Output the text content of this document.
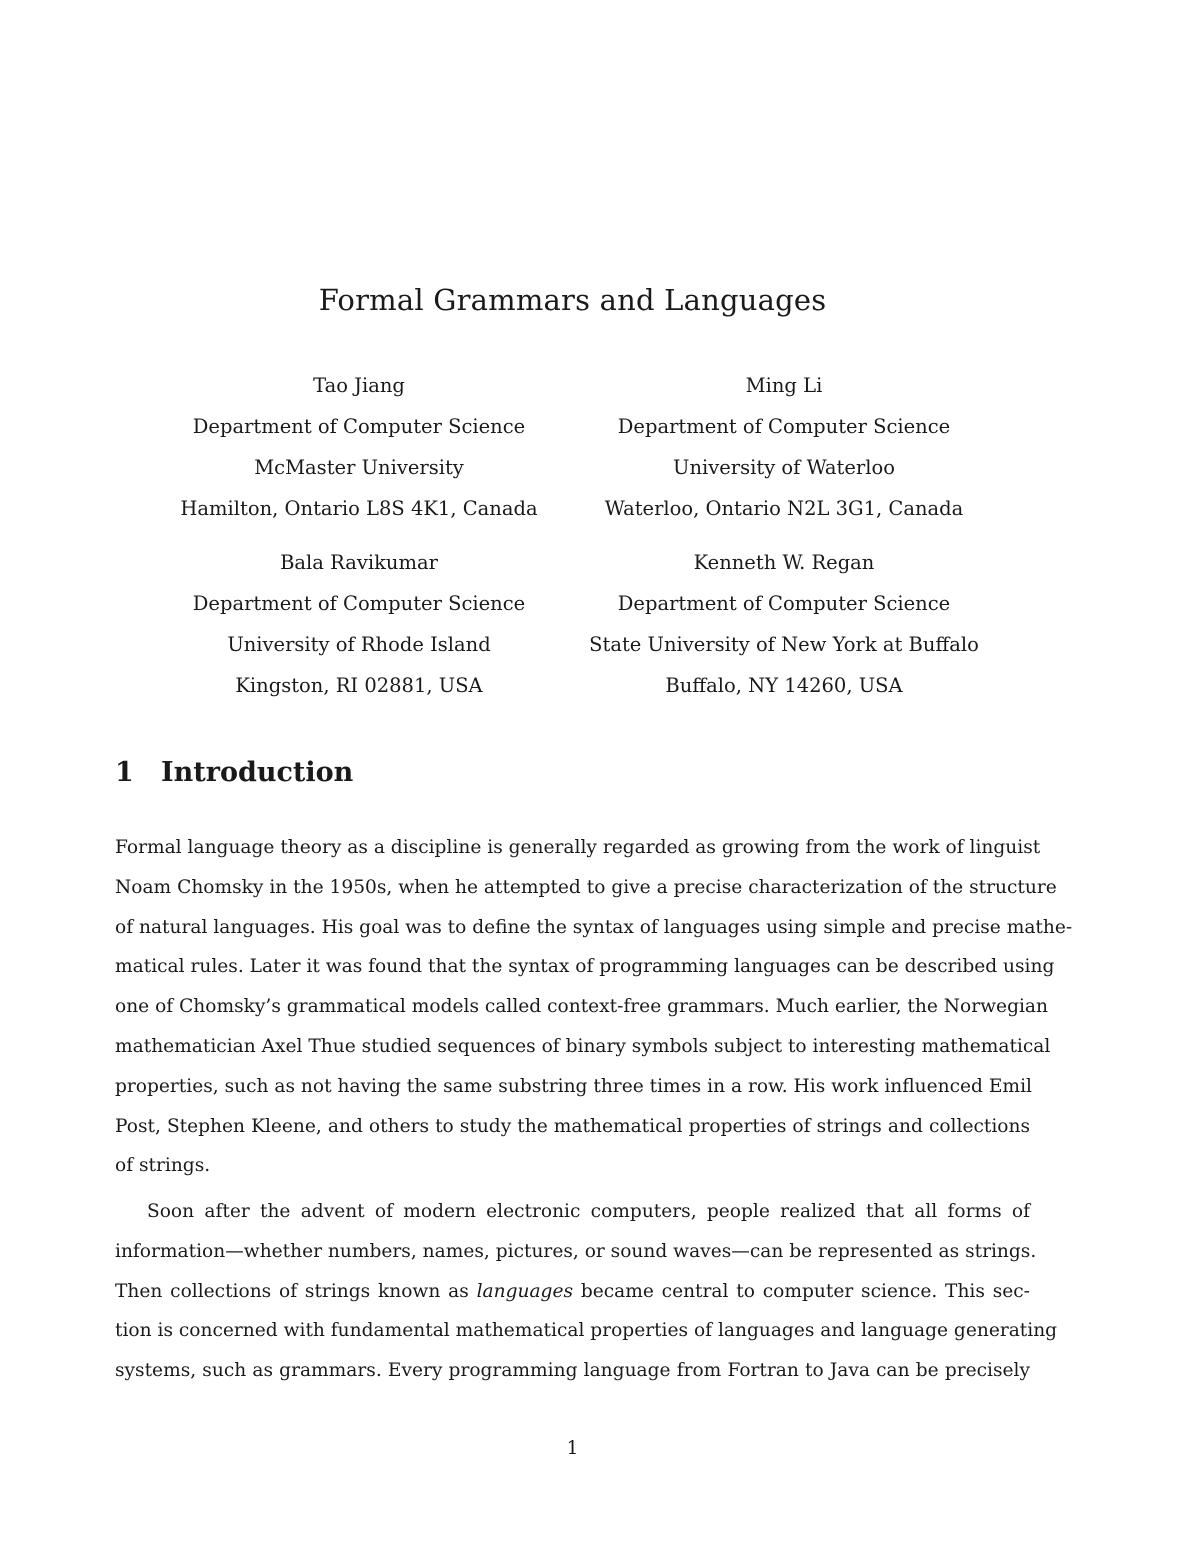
Formal Grammars and Languages
Tao Jiang
Department of Computer Science
McMaster University
Hamilton, Ontario L8S 4K1, Canada
Ming Li
Department of Computer Science
University of Waterloo
Waterloo, Ontario N2L 3G1, Canada
Bala Ravikumar
Department of Computer Science
University of Rhode Island
Kingston, RI 02881, USA
Kenneth W. Regan
Department of Computer Science
State University of New York at Buffalo
Buffalo, NY 14260, USA
1 Introduction
Formal language theory as a discipline is generally regarded as growing from the work of linguist
Noam Chomsky in the 1950s, when he attempted to give a precise characterization of the structure
of natural languages. His goal was to define the syntax of languages using simple and precise mathe-
matical rules. Later it was found that the syntax of programming languages can be described using
one of Chomsky’s grammatical models called context-free grammars. Much earlier, the Norwegian
mathematician Axel Thue studied sequences of binary symbols subject to interesting mathematical
properties, such as not having the same substring three times in a row. His work influenced Emil
Post, Stephen Kleene, and others to study the mathematical properties of strings and collections
of strings.
Soon after the advent of modern electronic computers, people realized that all forms of
information—whether numbers, names, pictures, or sound waves—can be represented as strings.
Then collections of strings known as languages became central to computer science. This sec-
tion is concerned with fundamental mathematical properties of languages and language generating
systems, such as grammars. Every programming language from Fortran to Java can be precisely
1
